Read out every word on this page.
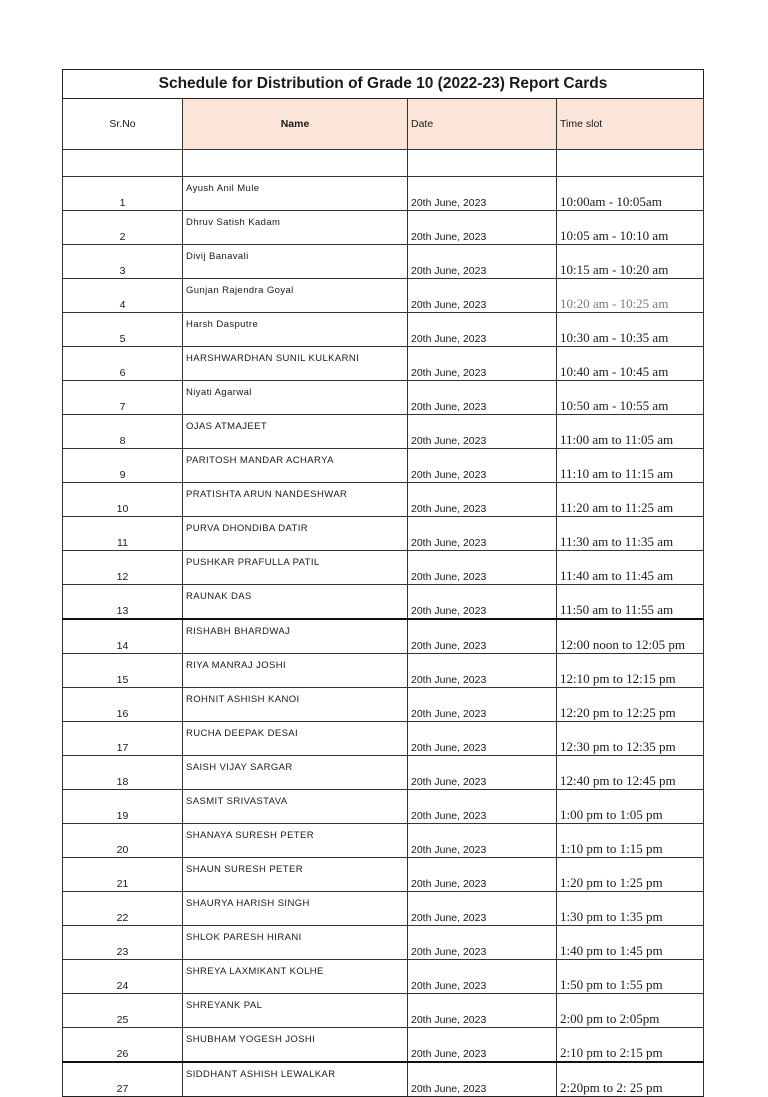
Schedule for Distribution of Grade 10 (2022-23) Report Cards			
Sr.No	Name	Date	Time slot

1	Ayush Anil Mule	20th June, 2023	10:00am - 10:05am
2	Dhruv Satish Kadam	20th June, 2023	10:05 am - 10:10 am
3	Divij Banavali	20th June, 2023	10:15 am - 10:20 am
4	Gunjan Rajendra Goyal	20th June, 2023	10:20 am - 10:25 am
5	Harsh Dasputre	20th June, 2023	10:30 am - 10:35 am
6	HARSHWARDHAN SUNIL KULKARNI	20th June, 2023	10:40 am - 10:45 am
7	Niyati Agarwal	20th June, 2023	10:50 am - 10:55 am
8	OJAS ATMAJEET	20th June, 2023	11:00 am to 11:05 am
9	PARITOSH MANDAR ACHARYA	20th June, 2023	11:10 am to 11:15 am
10	PRATISHTA ARUN NANDESHWAR	20th June, 2023	11:20 am to 11:25 am
11	PURVA DHONDIBA DATIR	20th June, 2023	11:30 am to 11:35 am
12	PUSHKAR PRAFULLA PATIL	20th June, 2023	11:40 am to 11:45 am
13	RAUNAK DAS	20th June, 2023	11:50 am to 11:55 am
14	RISHABH BHARDWAJ	20th June, 2023	12:00 noon to 12:05 pm
15	RIYA MANRAJ JOSHI	20th June, 2023	12:10 pm to 12:15 pm
16	ROHNIT ASHISH KANOI	20th June, 2023	12:20 pm to 12:25 pm
17	RUCHA DEEPAK DESAI	20th June, 2023	12:30 pm to 12:35 pm
18	SAISH VIJAY SARGAR	20th June, 2023	12:40 pm to 12:45 pm
19	SASMIT SRIVASTAVA	20th June, 2023	1:00 pm to 1:05 pm
20	SHANAYA SURESH PETER	20th June, 2023	1:10 pm to 1:15 pm
21	SHAUN SURESH PETER	20th June, 2023	1:20 pm to 1:25 pm
22	SHAURYA HARISH SINGH	20th June, 2023	1:30 pm to 1:35 pm
23	SHLOK PARESH HIRANI	20th June, 2023	1:40 pm to 1:45 pm
24	SHREYA LAXMIKANT KOLHE	20th June, 2023	1:50 pm to 1:55 pm
25	SHREYANK PAL	20th June, 2023	2:00 pm to 2:05pm
26	SHUBHAM YOGESH JOSHI	20th June, 2023	2:10 pm to 2:15 pm
27	SIDDHANT ASHISH LEWALKAR	20th June, 2023	2:20pm to 2: 25 pm
